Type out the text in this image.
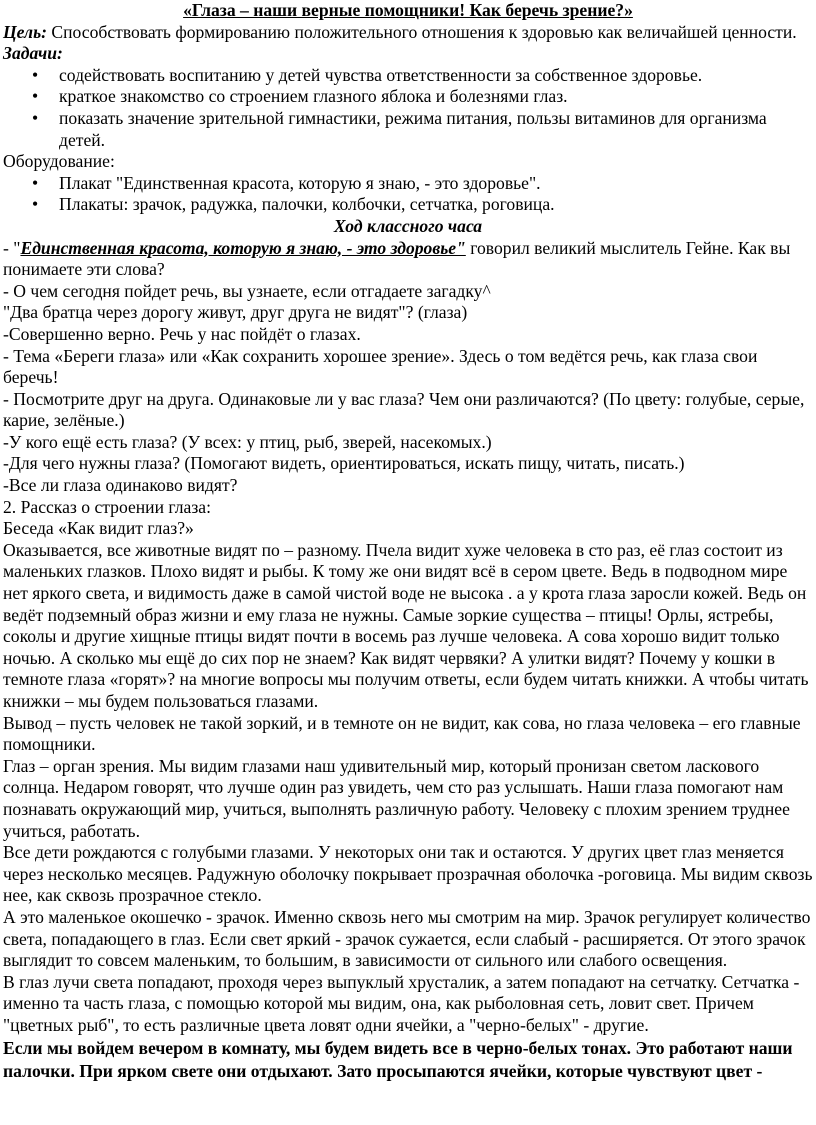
«Глаза – наши верные помощники! Как беречь зрение?»

Цель: Способствовать формированию положительного отношения к здоровью как величайшей ценности.

Задачи:

• содействовать воспитанию у детей чувства ответственности за собственное здоровье.
• краткое знакомство со строением глазного яблока и болезнями глаз.
• показать значение зрительной гимнастики, режима питания, пользы витаминов для организма детей.

Оборудование:

• Плакат "Единственная красота, которую я знаю, - это здоровье".
• Плакаты: зрачок, радужка, палочки, колбочки, сетчатка, роговица.

Ход классного часа

- "Единственная красота, которую я знаю, - это здоровье" говорил великий мыслитель Гейне. Как вы понимаете эти слова?

- О чем сегодня пойдет речь, вы узнаете, если отгадаете загадку^

"Два братца через дорогу живут, друг друга не видят"? (глаза)

-Совершенно верно. Речь у нас пойдёт о глазах.

- Тема «Береги глаза» или «Как сохранить хорошее зрение». Здесь о том ведётся речь, как глаза свои беречь!

- Посмотрите друг на друга. Одинаковые ли у вас глаза? Чем они различаются? (По цвету: голубые, серые, карие, зелёные.)

-У кого ещё есть глаза? (У всех: у птиц, рыб, зверей, насекомых.)

-Для чего нужны глаза? (Помогают видеть, ориентироваться, искать пищу, читать, писать.)

-Все ли глаза одинаково видят?

2. Рассказ о строении глаза:

Беседа «Как видит глаз?»

Оказывается, все животные видят по – разному. Пчела видит хуже человека в сто раз, её глаз состоит из маленьких глазков. Плохо видят и рыбы. К тому же они видят всё в сером цвете. Ведь в подводном мире нет яркого света, и видимость даже в самой чистой воде не высока . а у крота глаза заросли кожей. Ведь он ведёт подземный образ жизни и ему глаза не нужны. Самые зоркие существа – птицы! Орлы, ястребы, соколы и другие хищные птицы видят почти в восемь раз лучше человека. А сова хорошо видит только ночью. А сколько мы ещё до сих пор не знаем? Как видят червяки? А улитки видят? Почему у кошки в темноте глаза «горят»? на многие вопросы мы получим ответы, если будем читать книжки. А чтобы читать книжки – мы будем пользоваться глазами.

Вывод – пусть человек не такой зоркий, и в темноте он не видит, как сова, но глаза человека – его главные помощники.

Глаз – орган зрения. Мы видим глазами наш удивительный мир, который пронизан светом ласкового солнца. Недаром говорят, что лучше один раз увидеть, чем сто раз услышать. Наши глаза помогают нам познавать окружающий мир, учиться, выполнять различную работу. Человеку с плохим зрением труднее учиться, работать.

Все дети рождаются с голубыми глазами. У некоторых они так и остаются. У других цвет глаз меняется через несколько месяцев. Радужную оболочку покрывает прозрачная оболочка -роговица. Мы видим сквозь нее, как сквозь прозрачное стекло.

А это маленькое окошечко - зрачок. Именно сквозь него мы смотрим на мир. Зрачок регулирует количество света, попадающего в глаз. Если свет яркий - зрачок сужается, если слабый - расширяется. От этого зрачок выглядит то совсем маленьким, то большим, в зависимости от сильного или слабого освещения.

В глаз лучи света попадают, проходя через выпуклый хрусталик, а затем попадают на сетчатку. Сетчатка - именно та часть глаза, с помощью которой мы видим, она, как рыболовная сеть, ловит свет. Причем "цветных рыб", то есть различные цвета ловят одни ячейки, а "черно-белых" - другие.

Если мы войдем вечером в комнату, мы будем видеть все в черно-белых тонах. Это работают наши палочки. При ярком свете они отдыхают. Зато просыпаются ячейки, которые чувствуют цвет -
